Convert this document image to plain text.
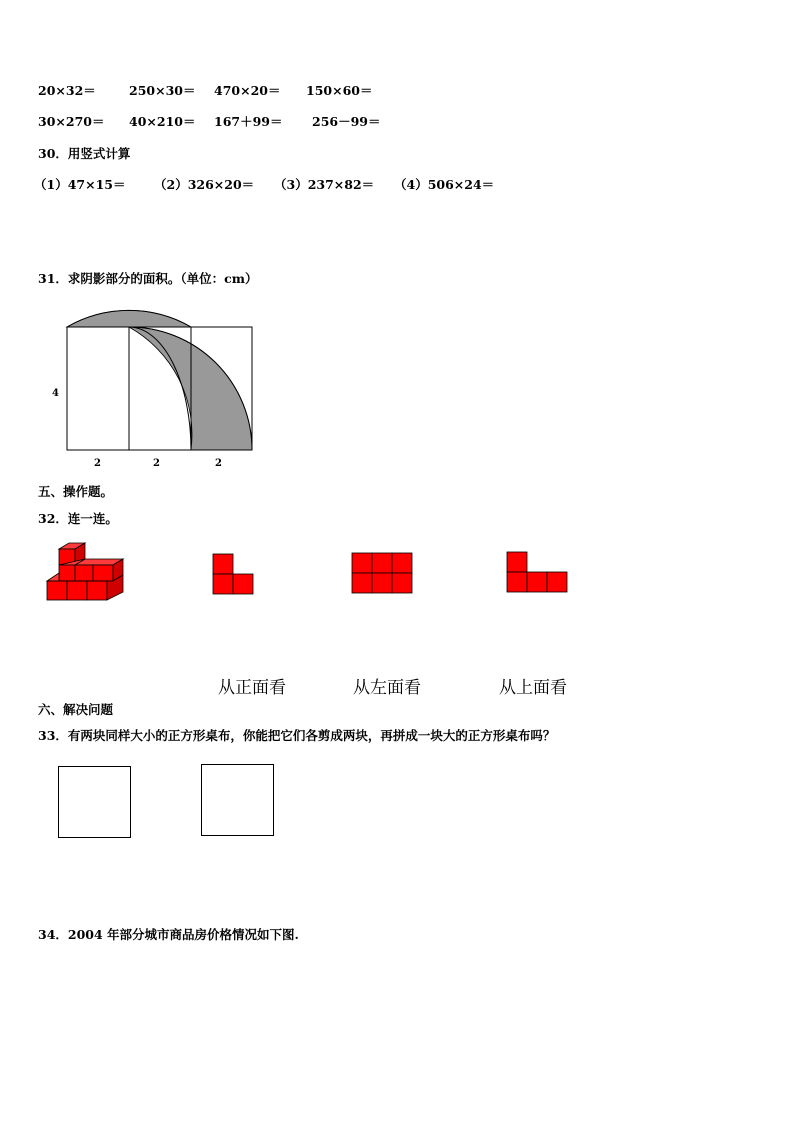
20×32＝	250×30＝ 470×20＝ 150×60＝
30×270＝ 40×210＝ 167＋99＝ 256－99＝
30．用竖式计算
（1）47×15＝ （2）326×20＝ （3）237×82＝ （4）506×24＝
31．求阴影部分的面积。（单位：cm）
4
2	2	2
五、操作题。
32．连一连。
从正面看	从左面看	从上面看
六、解决问题
33．有两块同样大小的正方形桌布，你能把它们各剪成两块，再拼成一块大的正方形桌布吗？
34．2004 年部分城市商品房价格情况如下图.
